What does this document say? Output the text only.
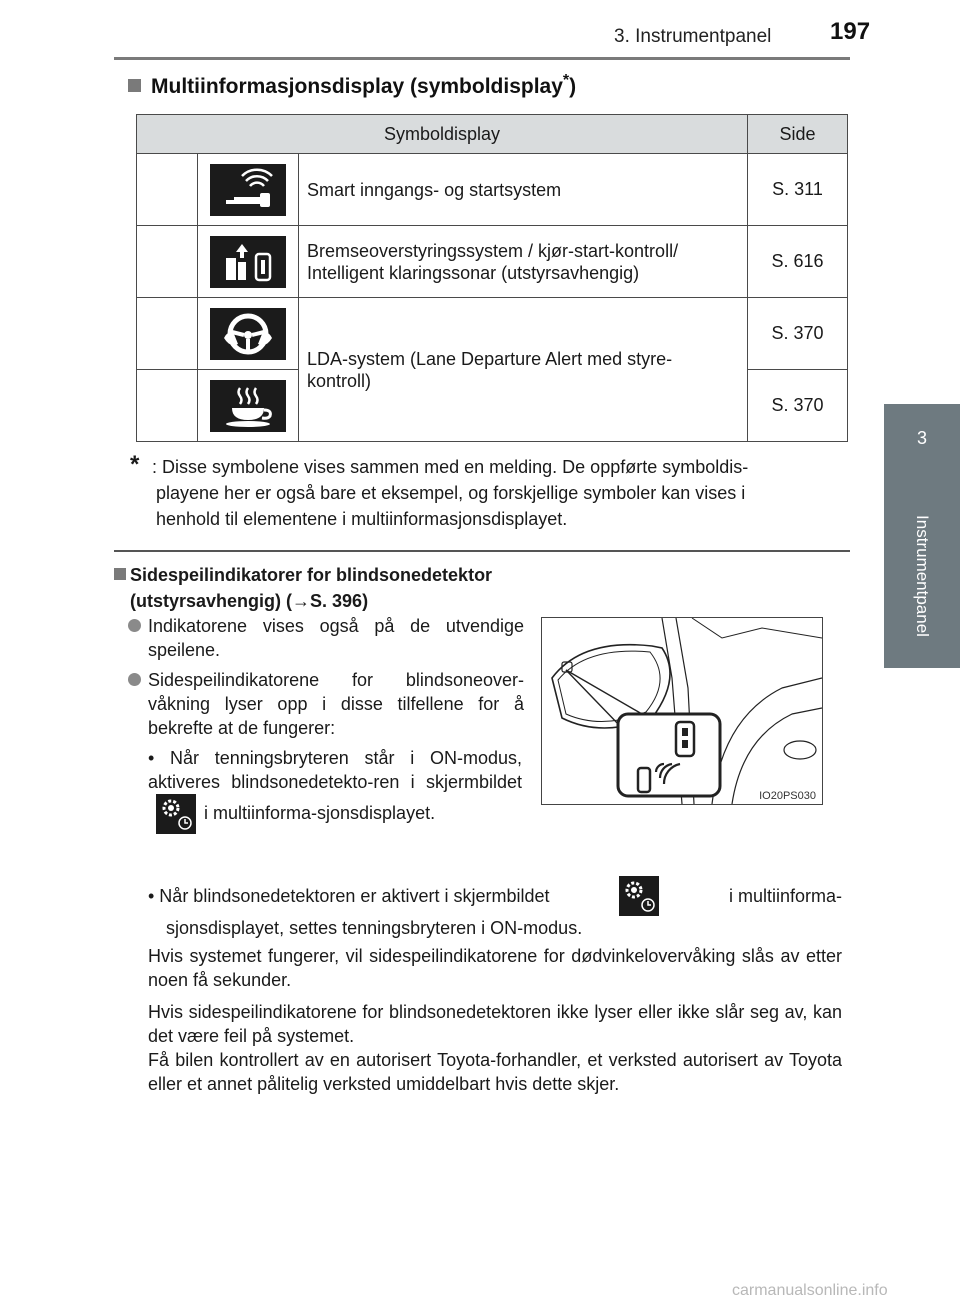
3. Instrumentpanel 197
3
Instrumentpanel
Multiinformasjonsdisplay (symboldisplay*)
Symboldisplay			Side

	Smart inngangs- og startsystem	S. 311

Bremseoverstyringssystem / kjør-start-kontroll/
Intelligent klaringssonar (utstyrsavhengig)	S. 616

LDA-system (Lane Departure Alert med styre-
kontroll)	S. 370

	S. 370
* : Disse symbolene vises sammen med en melding. De oppførte symboldis-
playene her er også bare et eksempel, og forskjellige symboler kan vises i
henhold til elementene i multiinformasjonsdisplayet.
Sidespeilindikatorer for blindsonedetektor
(utstyrsavhengig) (→S. 396)
Indikatorene vises også på de utvendige speilene.
Sidespeilindikatorene for blindsoneover-våkning lyser opp i disse tilfellene for å bekrefte at de fungerer:
• Når tenningsbryteren står i ON-modus, aktiveres blindsonedetekto-ren i skjermbildet
i multiinforma-sjonsdisplayet.
• Når blindsonedetektoren er aktivert i skjermbildet	i multiinforma-
sjonsdisplayet, settes tenningsbryteren i ON-modus.
Hvis systemet fungerer, vil sidespeilindikatorene for dødvinkelovervåking slås av etter noen få sekunder.
Hvis sidespeilindikatorene for blindsonedetektoren ikke lyser eller ikke slår seg av, kan det være feil på systemet.
Få bilen kontrollert av en autorisert Toyota-forhandler, et verksted autorisert av Toyota eller et annet pålitelig verksted umiddelbart hvis dette skjer.
IO20PS030
carmanualsonline.info
